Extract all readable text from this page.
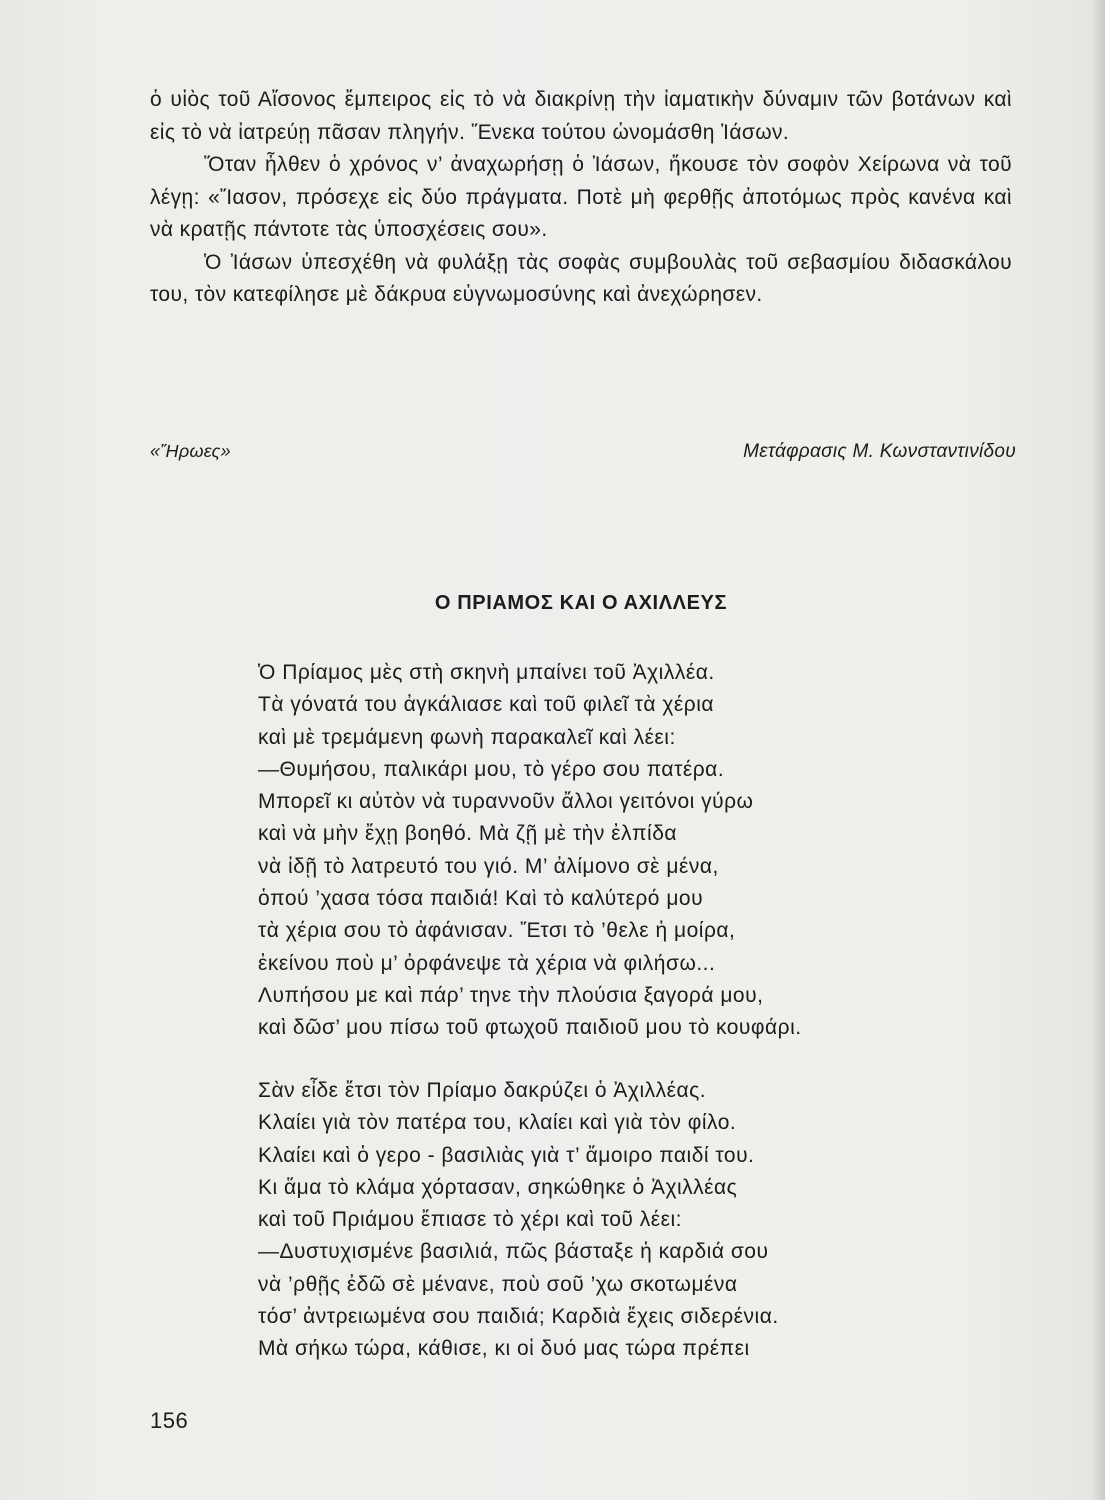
ὁ υἱὸς τοῦ Αἴσονος ἔμπειρος εἰς τὸ νὰ διακρίνῃ τὴν ἰαματικὴν δύναμιν τῶν βοτάνων καὶ εἰς τὸ νὰ ἰατρεύῃ πᾶσαν πληγήν. Ἕνεκα τούτου ὠνομάσθη Ἰάσων.

Ὅταν ἦλθεν ὁ χρόνος ν’ ἀναχωρήσῃ ὁ Ἰάσων, ἤκουσε τὸν σοφὸν Χείρωνα νὰ τοῦ λέγῃ: «Ἴασον, πρόσεχε εἰς δύο πράγματα. Ποτὲ μὴ φερθῇς ἀποτόμως πρὸς κανένα καὶ νὰ κρατῇς πάντοτε τὰς ὑποσχέσεις σου».

Ὁ Ἰάσων ὑπεσχέθη νὰ φυλάξῃ τὰς σοφὰς συμβουλὰς τοῦ σεβασμίου διδασκάλου του, τὸν κατεφίλησε μὲ δάκρυα εὐγνωμοσύνης καὶ ἀνεχώρησεν.

«Ἥρωες»	Μετάφρασις Μ. Κωνσταντινίδου
Ο ΠΡΙΑΜΟΣ ΚΑΙ Ο ΑΧΙΛΛΕΥΣ
Ὁ Πρίαμος μὲς στὴ σκηνὴ μπαίνει τοῦ Ἀχιλλέα.
Τὰ γόνατά του ἀγκάλιασε καὶ τοῦ φιλεῖ τὰ χέρια
καὶ μὲ τρεμάμενη φωνὴ παρακαλεῖ καὶ λέει:
—Θυμήσου, παλικάρι μου, τὸ γέρο σου πατέρα.
Μπορεῖ κι αὐτὸν νὰ τυραννοῦν ἄλλοι γειτόνοι γύρω
καὶ νὰ μὴν ἔχῃ βοηθό. Μὰ ζῇ μὲ τὴν ἐλπίδα
νὰ ἰδῇ τὸ λατρευτό του γιό. Μ’ ἀλίμονο σὲ μένα,
ὁπού ’χασα τόσα παιδιά! Καὶ τὸ καλύτερό μου
τὰ χέρια σου τὸ ἀφάνισαν. Ἔτσι τὸ ’θελε ἡ μοίρα,
ἐκείνου ποὺ μ’ ὀρφάνεψε τὰ χέρια νὰ φιλήσω...
Λυπήσου με καὶ πάρ’ τηνε τὴν πλούσια ξαγορά μου,
καὶ δῶσ’ μου πίσω τοῦ φτωχοῦ παιδιοῦ μου τὸ κουφάρι.
Σὰν εἶδε ἔτσι τὸν Πρίαμο δακρύζει ὁ Ἀχιλλέας.
Κλαίει γιὰ τὸν πατέρα του, κλαίει καὶ γιὰ τὸν φίλο.
Κλαίει καὶ ὁ γερο - βασιλιὰς γιὰ τ’ ἄμοιρο παιδί του.
Κι ἅμα τὸ κλάμα χόρτασαν, σηκώθηκε ὁ Ἀχιλλέας
καὶ τοῦ Πριάμου ἔπιασε τὸ χέρι καὶ τοῦ λέει:
—Δυστυχισμένε βασιλιά, πῶς βάσταξε ἡ καρδιά σου
νὰ ’ρθῇς ἐδῶ σὲ μένανε, ποὺ σοῦ ’χω σκοτωμένα
τόσ’ ἀντρειωμένα σου παιδιά; Καρδιὰ ἔχεις σιδερένια.
Μὰ σήκω τώρα, κάθισε, κι οἱ δυό μας τώρα πρέπει
156
